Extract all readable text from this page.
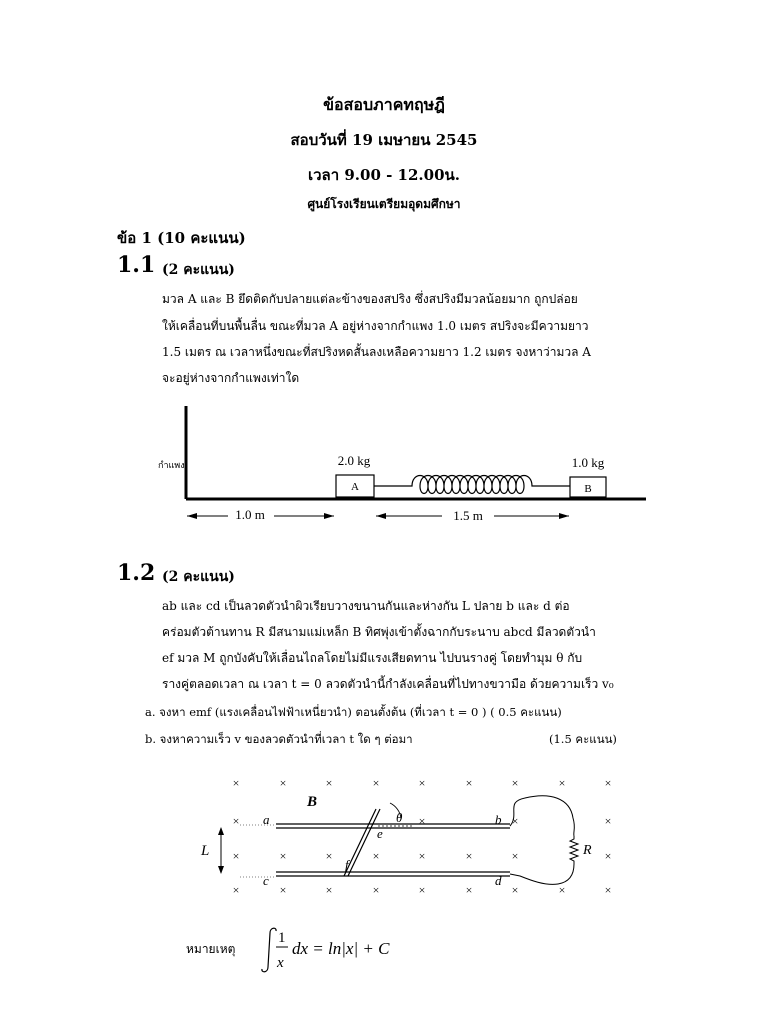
ข้อสอบภาคทฤษฎี
สอบวันที่ 19 เมษายน 2545
เวลา 9.00 - 12.00น.
ศูนย์โรงเรียนเตรียมอุดมศึกษา
ข้อ 1 (10 คะแนน)
1.1 (2 คะแนน)
มวล A และ B ยึดติดกับปลายแต่ละข้างของสปริง ซึ่งสปริงมีมวลน้อยมาก ถูกปล่อย
ให้เคลื่อนที่บนพื้นลื่น ขณะที่มวล A อยู่ห่างจากกำแพง 1.0 เมตร สปริงจะมีความยาว
1.5 เมตร ณ เวลาหนึ่งขณะที่สปริงหดสั้นลงเหลือความยาว 1.2 เมตร จงหาว่ามวล A
จะอยู่ห่างจากกำแพงเท่าใด
กำแพง
A
2.0 kg
B
1.0 kg
1.0 m	1.5 m
1.2 (2 คะแนน)
ab และ cd เป็นลวดตัวนำผิวเรียบวางขนานกันและห่างกัน L ปลาย b และ d ต่อ
คร่อมตัวต้านทาน R มีสนามแม่เหล็ก B ทิศพุ่งเข้าตั้งฉากกับระนาบ abcd มีลวดตัวนำ
ef มวล M ถูกบังคับให้เลื่อนไถลโดยไม่มีแรงเสียดทาน ไปบนรางคู่ โดยทำมุม θ กับ
รางคู่ตลอดเวลา ณ เวลา t = 0 ลวดตัวนำนี้กำลังเคลื่อนที่ไปทางขวามือ ด้วยความเร็ว v₀
a. จงหา emf (แรงเคลื่อนไฟฟ้าเหนี่ยวนำ) ตอนตั้งต้น (ที่เวลา t = 0 ) ( 0.5 คะแนน)
b. จงหาความเร็ว v ของลวดตัวนำที่เวลา t ใด ๆ ต่อมา	(1.5 คะแนน)
×	×	×	×	×	×	×	×	×
×	×	×	×
×	×	×	×	×	×	×	×
×	×	×	×	×	×	×	×	×
B
θ
a	b
c	d
e
f
L	R
หมายเหตุ
1
x
dx = ln|x| + C
